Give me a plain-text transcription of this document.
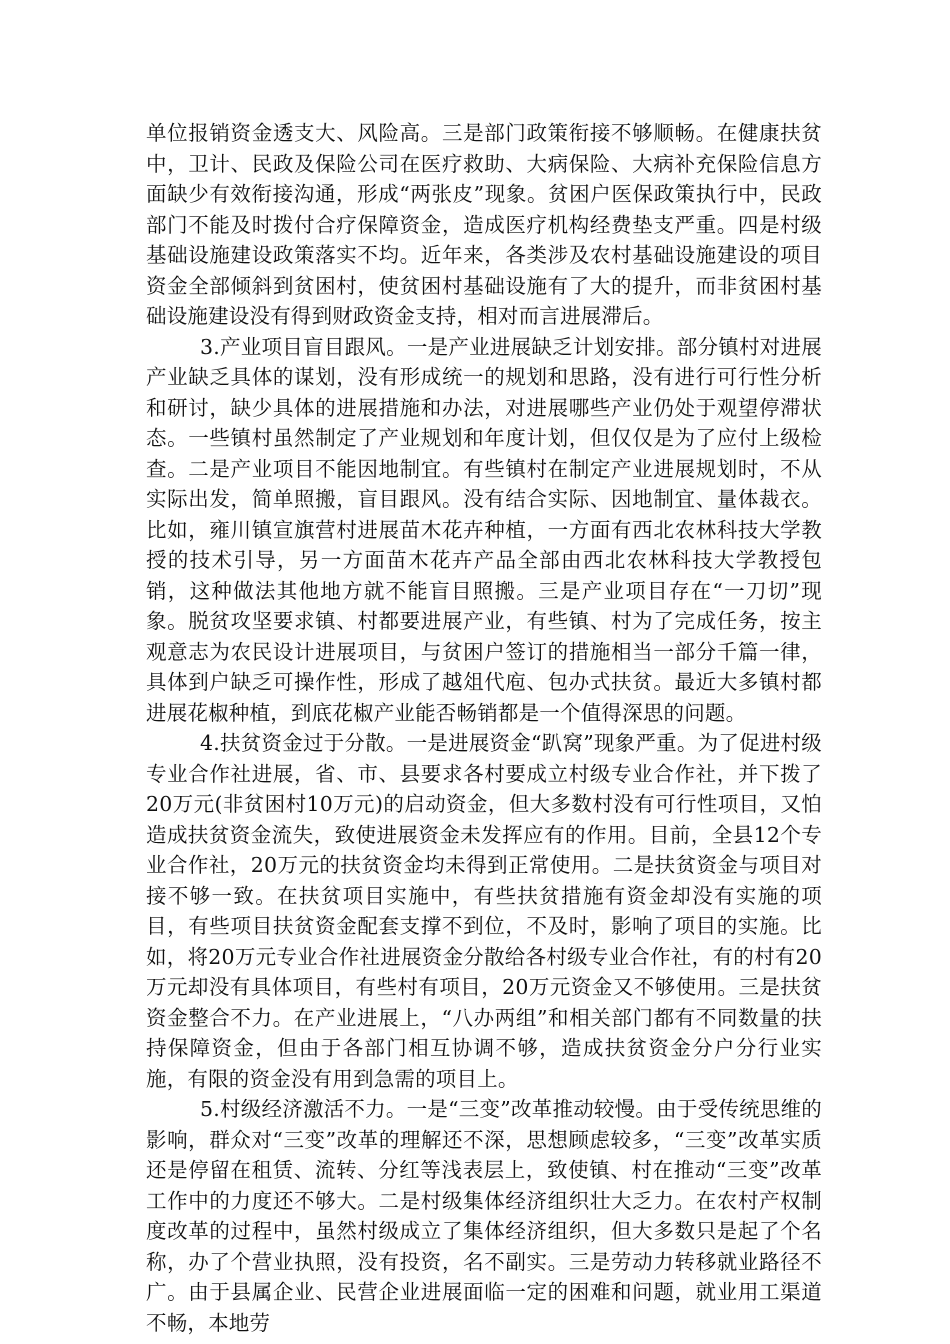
单位报销资金透支大、风险高。三是部门政策衔接不够顺畅。在健康扶贫中，卫计、民政及保险公司在医疗救助、大病保险、大病补充保险信息方面缺少有效衔接沟通，形成“两张皮”现象。贫困户医保政策执行中，民政部门不能及时拨付合疗保障资金，造成医疗机构经费垫支严重。四是村级基础设施建设政策落实不均。近年来，各类涉及农村基础设施建设的项目资金全部倾斜到贫困村，使贫困村基础设施有了大的提升，而非贫困村基础设施建设没有得到财政资金支持，相对而言进展滞后。

3.产业项目盲目跟风。一是产业进展缺乏计划安排。部分镇村对进展产业缺乏具体的谋划，没有形成统一的规划和思路，没有进行可行性分析和研讨，缺少具体的进展措施和办法，对进展哪些产业仍处于观望停滞状态。一些镇村虽然制定了产业规划和年度计划，但仅仅是为了应付上级检查。二是产业项目不能因地制宜。有些镇村在制定产业进展规划时，不从实际出发，简单照搬，盲目跟风。没有结合实际、因地制宜、量体裁衣。比如，雍川镇宣旗营村进展苗木花卉种植，一方面有西北农林科技大学教授的技术引导，另一方面苗木花卉产品全部由西北农林科技大学教授包销，这种做法其他地方就不能盲目照搬。三是产业项目存在“一刀切”现象。脱贫攻坚要求镇、村都要进展产业，有些镇、村为了完成任务，按主观意志为农民设计进展项目，与贫困户签订的措施相当一部分千篇一律，具体到户缺乏可操作性，形成了越俎代庖、包办式扶贫。最近大多镇村都进展花椒种植，到底花椒产业能否畅销都是一个值得深思的问题。

4.扶贫资金过于分散。一是进展资金“趴窝”现象严重。为了促进村级专业合作社进展，省、市、县要求各村要成立村级专业合作社，并下拨了20万元(非贫困村10万元)的启动资金，但大多数村没有可行性项目，又怕造成扶贫资金流失，致使进展资金未发挥应有的作用。目前，全县12个专业合作社，20万元的扶贫资金均未得到正常使用。二是扶贫资金与项目对接不够一致。在扶贫项目实施中，有些扶贫措施有资金却没有实施的项目，有些项目扶贫资金配套支撑不到位，不及时，影响了项目的实施。比如，将20万元专业合作社进展资金分散给各村级专业合作社，有的村有20万元却没有具体项目，有些村有项目，20万元资金又不够使用。三是扶贫资金整合不力。在产业进展上，“八办两组”和相关部门都有不同数量的扶持保障资金，但由于各部门相互协调不够，造成扶贫资金分户分行业实施，有限的资金没有用到急需的项目上。

5.村级经济激活不力。一是“三变”改革推动较慢。由于受传统思维的影响，群众对“三变”改革的理解还不深，思想顾虑较多，“三变”改革实质还是停留在租赁、流转、分红等浅表层上，致使镇、村在推动“三变”改革工作中的力度还不够大。二是村级集体经济组织壮大乏力。在农村产权制度改革的过程中，虽然村级成立了集体经济组织，但大多数只是起了个名称，办了个营业执照，没有投资，名不副实。三是劳动力转移就业路径不广。由于县属企业、民营企业进展面临一定的困难和问题，就业用工渠道不畅，本地劳
